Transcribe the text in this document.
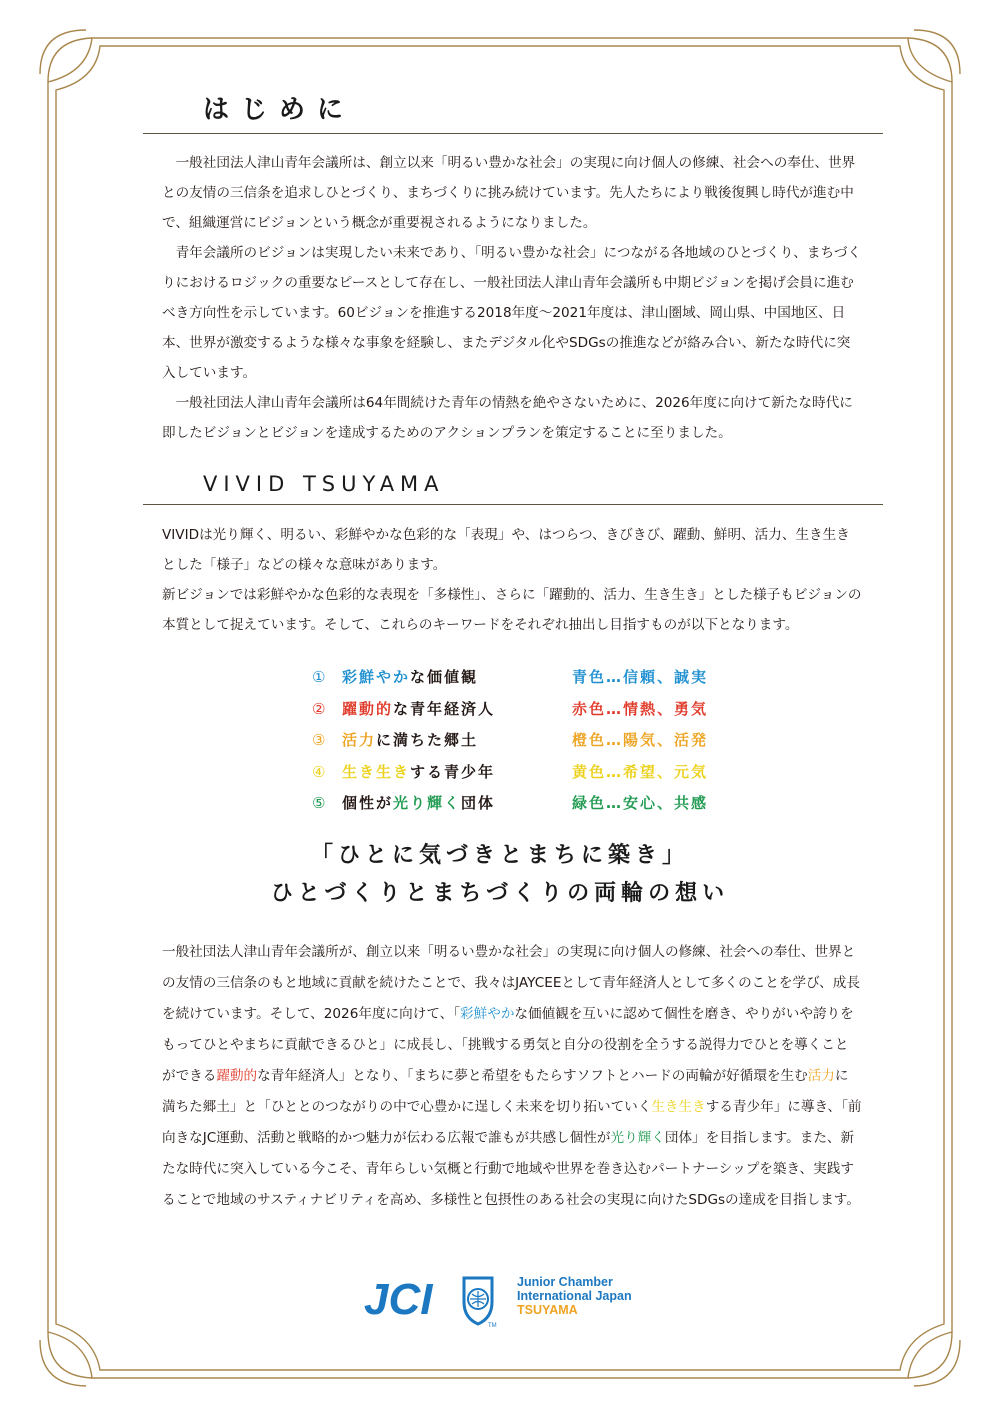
はじめに

一般社団法人津山青年会議所は、創立以来「明るい豊かな社会」の実現に向け個人の修練、社会への奉仕、世界との友情の三信条を追求しひとづくり、まちづくりに挑み続けています。先人たちにより戦後復興し時代が進む中で、組織運営にビジョンという概念が重要視されるようになりました。

青年会議所のビジョンは実現したい未来であり、「明るい豊かな社会」につながる各地域のひとづくり、まちづくりにおけるロジックの重要なピースとして存在し、一般社団法人津山青年会議所も中期ビジョンを掲げ会員に進むべき方向性を示しています。60ビジョンを推進する2018年度～2021年度は、津山圏域、岡山県、中国地区、日本、世界が激変するような様々な事象を経験し、またデジタル化やSDGsの推進などが絡み合い、新たな時代に突入しています。

一般社団法人津山青年会議所は64年間続けた青年の情熱を絶やさないために、2026年度に向けて新たな時代に即したビジョンとビジョンを達成するためのアクションプランを策定することに至りました。

VIVID TSUYAMA

VIVIDは光り輝く、明るい、彩鮮やかな色彩的な「表現」や、はつらつ、きびきび、躍動、鮮明、活力、生き生きとした「様子」などの様々な意味があります。

新ビジョンでは彩鮮やかな色彩的な表現を「多様性」、さらに「躍動的、活力、生き生き」とした様子もビジョンの本質として捉えています。そして、これらのキーワードをそれぞれ抽出し目指すものが以下となります。

① 彩鮮やかな価値観	青色…信頼、誠実
② 躍動的な青年経済人	赤色…情熱、勇気
③ 活力に満ちた郷土	橙色…陽気、活発
④ 生き生きする青少年	黄色…希望、元気
⑤ 個性が光り輝く団体	緑色…安心、共感
「ひとに気づきとまちに築き」
ひとづくりとまちづくりの両輪の想い
一般社団法人津山青年会議所が、創立以来「明るい豊かな社会」の実現に向け個人の修練、社会への奉仕、世界との友情の三信条のもと地域に貢献を続けたことで、我々はJAYCEEとして青年経済人として多くのことを学び、成長を続けています。そして、2026年度に向けて、「彩鮮やかな価値観を互いに認めて個性を磨き、やりがいや誇りをもってひとやまちに貢献できるひと」に成長し、「挑戦する勇気と自分の役割を全うする説得力でひとを導くことができる躍動的な青年経済人」となり、「まちに夢と希望をもたらすソフトとハードの両輪が好循環を生む活力に満ちた郷土」と「ひととのつながりの中で心豊かに逞しく未来を切り拓いていく生き生きする青少年」に導き、「前向きなJC運動、活動と戦略的かつ魅力が伝わる広報で誰もが共感し個性が光り輝く団体」を目指します。また、新たな時代に突入している今こそ、青年らしい気概と行動で地域や世界を巻き込むパートナーシップを築き、実践することで地域のサスティナビリティを高め、多様性と包摂性のある社会の実現に向けたSDGsの達成を目指します。
JCI
TM
Junior Chamber
International Japan
TSUYAMA
